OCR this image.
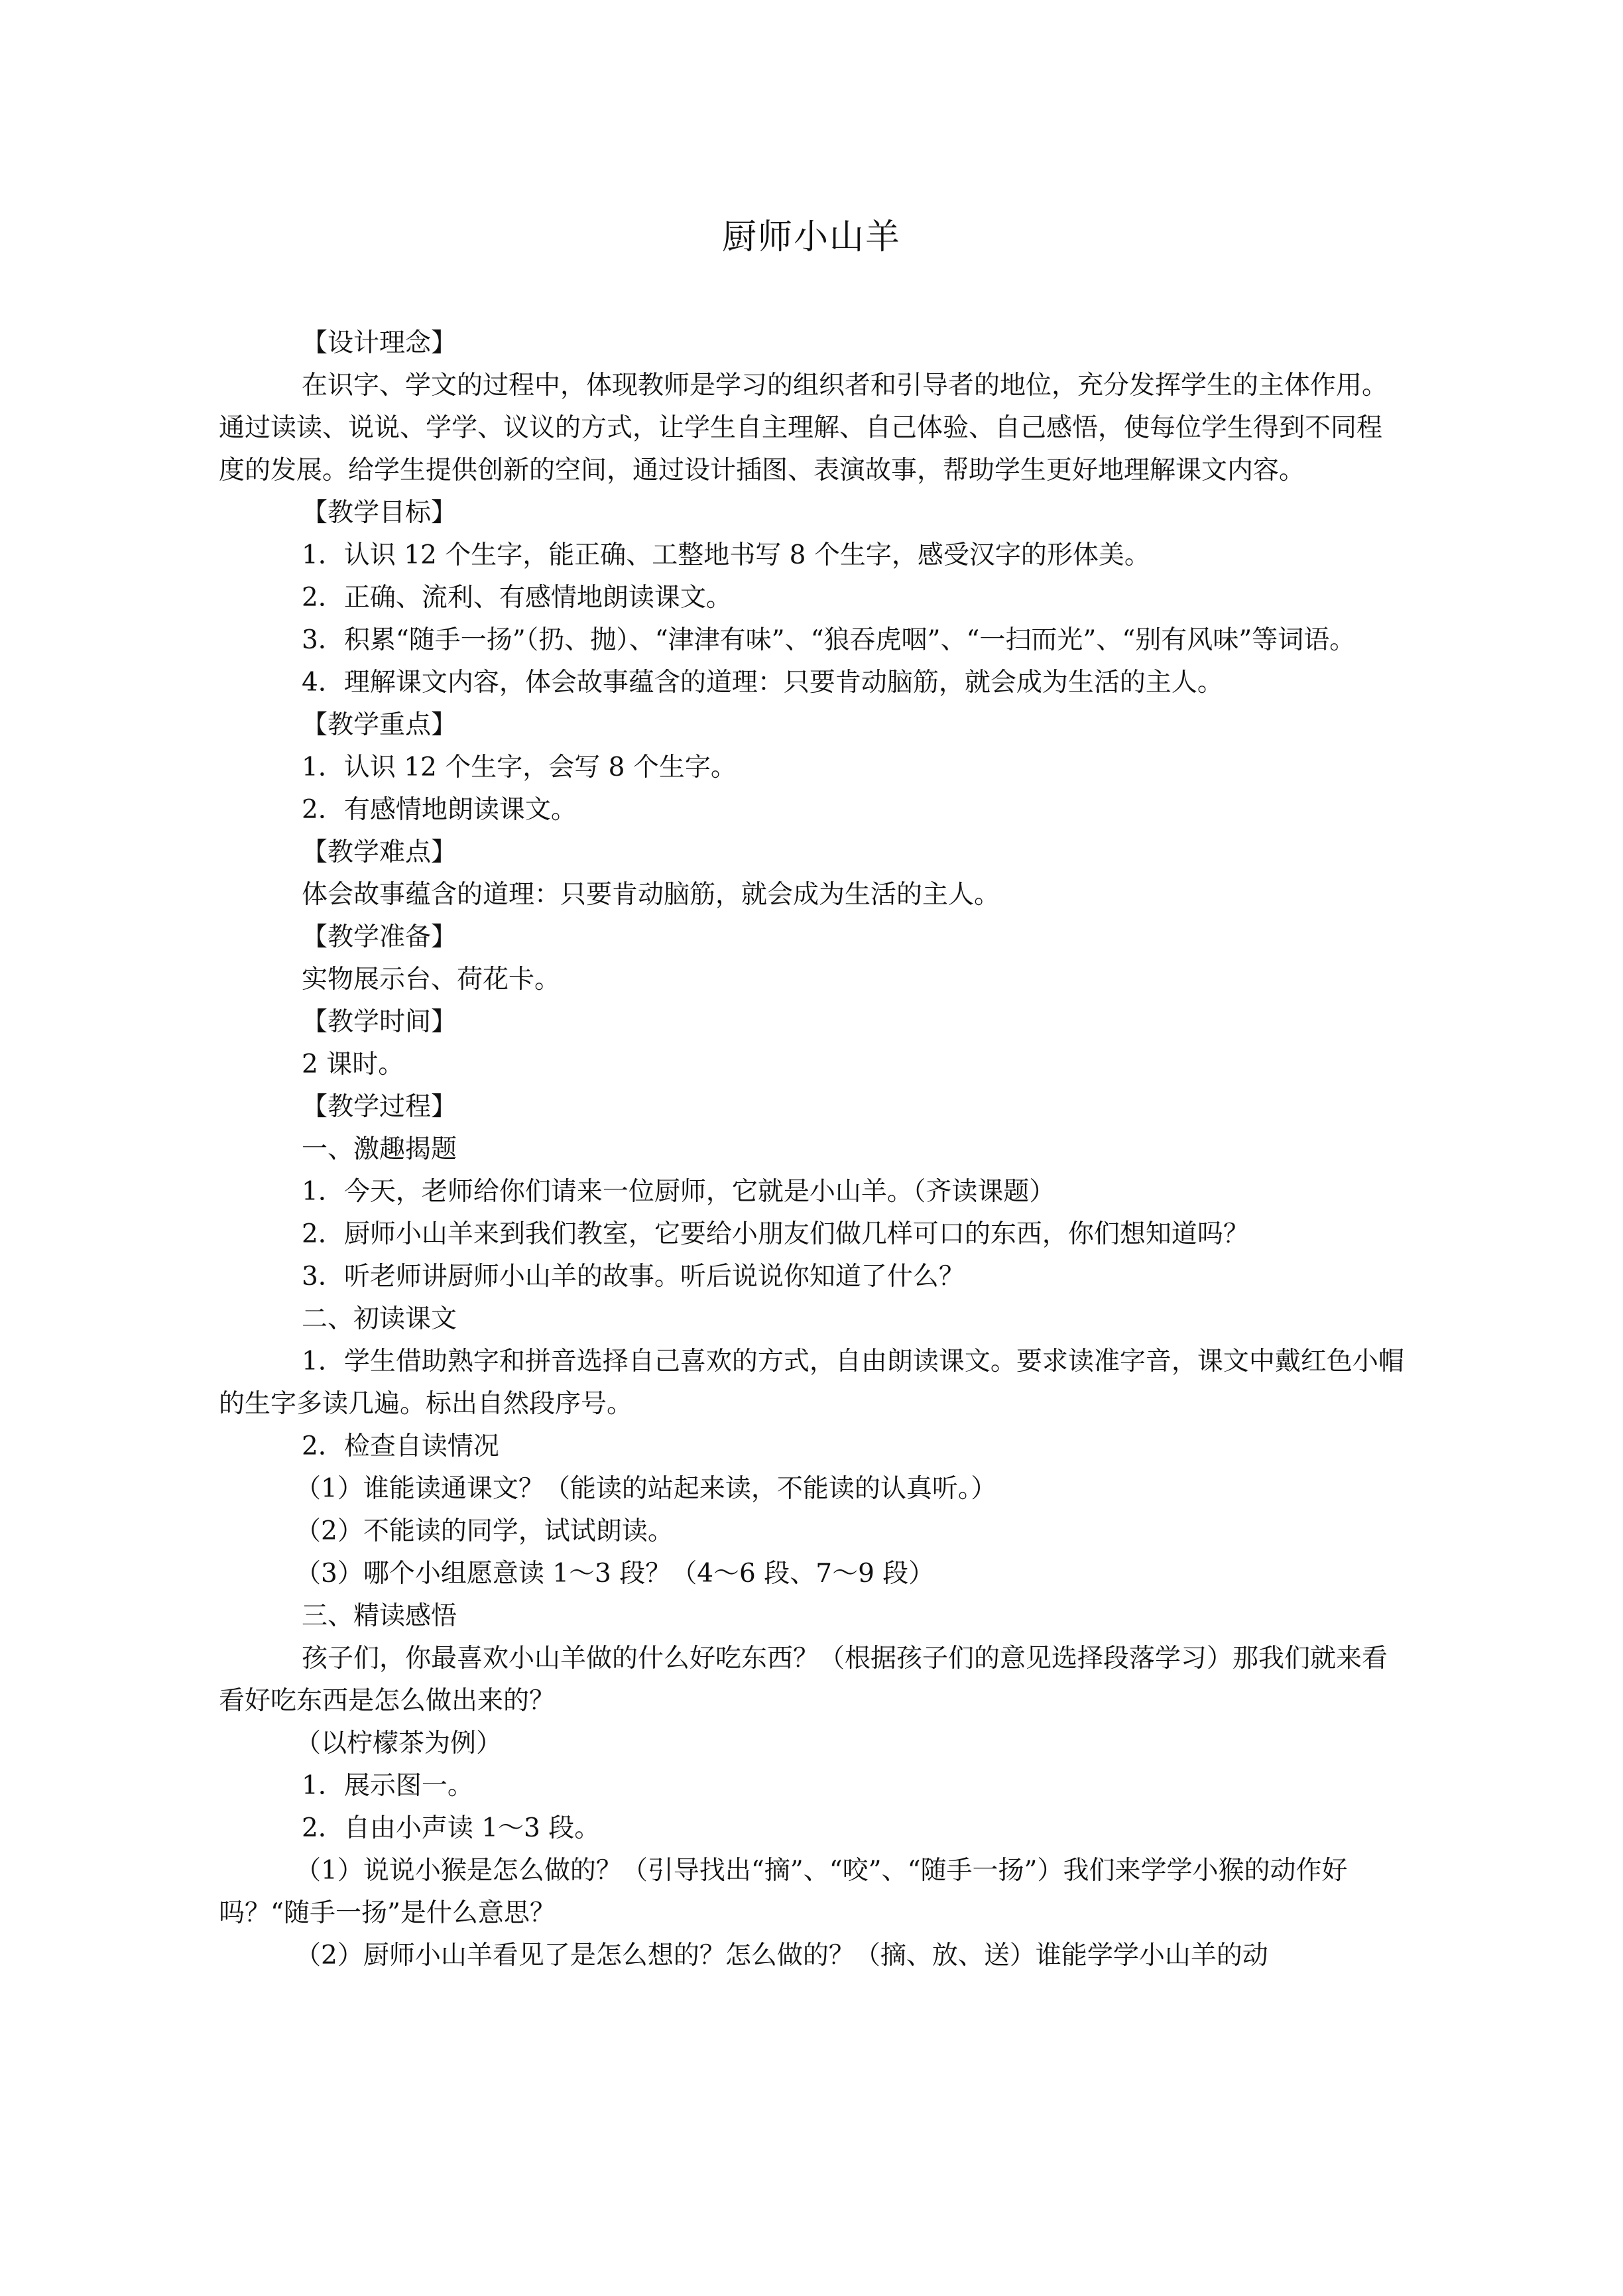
厨师小山羊

【设计理念】

在识字、学文的过程中，体现教师是学习的组织者和引导者的地位，充分发挥学生的主体作用。通过读读、说说、学学、议议的方式，让学生自主理解、自己体验、自己感悟，使每位学生得到不同程度的发展。给学生提供创新的空间，通过设计插图、表演故事，帮助学生更好地理解课文内容。

【教学目标】

1．认识 12 个生字，能正确、工整地书写 8 个生字，感受汉字的形体美。

2．正确、流利、有感情地朗读课文。

3．积累“随手一扬”（扔、抛）、“津津有味”、“狼吞虎咽”、“一扫而光”、“别有风味”等词语。

4．理解课文内容，体会故事蕴含的道理：只要肯动脑筋，就会成为生活的主人。

【教学重点】

1．认识 12 个生字，会写 8 个生字。

2．有感情地朗读课文。

【教学难点】

体会故事蕴含的道理：只要肯动脑筋，就会成为生活的主人。

【教学准备】

实物展示台、荷花卡。

【教学时间】

2 课时。

【教学过程】

一、激趣揭题

1．今天，老师给你们请来一位厨师，它就是小山羊。（齐读课题）

2．厨师小山羊来到我们教室，它要给小朋友们做几样可口的东西，你们想知道吗？

3．听老师讲厨师小山羊的故事。听后说说你知道了什么？

二、初读课文

1．学生借助熟字和拼音选择自己喜欢的方式，自由朗读课文。要求读准字音，课文中戴红色小帽的生字多读几遍。标出自然段序号。

2．检查自读情况

（1）谁能读通课文？（能读的站起来读，不能读的认真听。）

（2）不能读的同学，试试朗读。

（3）哪个小组愿意读 1～3 段？（4～6 段、7～9 段）

三、精读感悟

孩子们，你最喜欢小山羊做的什么好吃东西？（根据孩子们的意见选择段落学习）那我们就来看看好吃东西是怎么做出来的？

（以柠檬茶为例）

1．展示图一。

2．自由小声读 1～3 段。

（1）说说小猴是怎么做的？（引导找出“摘”、“咬”、“随手一扬”）我们来学学小猴的动作好吗？“随手一扬”是什么意思？

（2）厨师小山羊看见了是怎么想的？怎么做的？（摘、放、送）谁能学学小山羊的动
